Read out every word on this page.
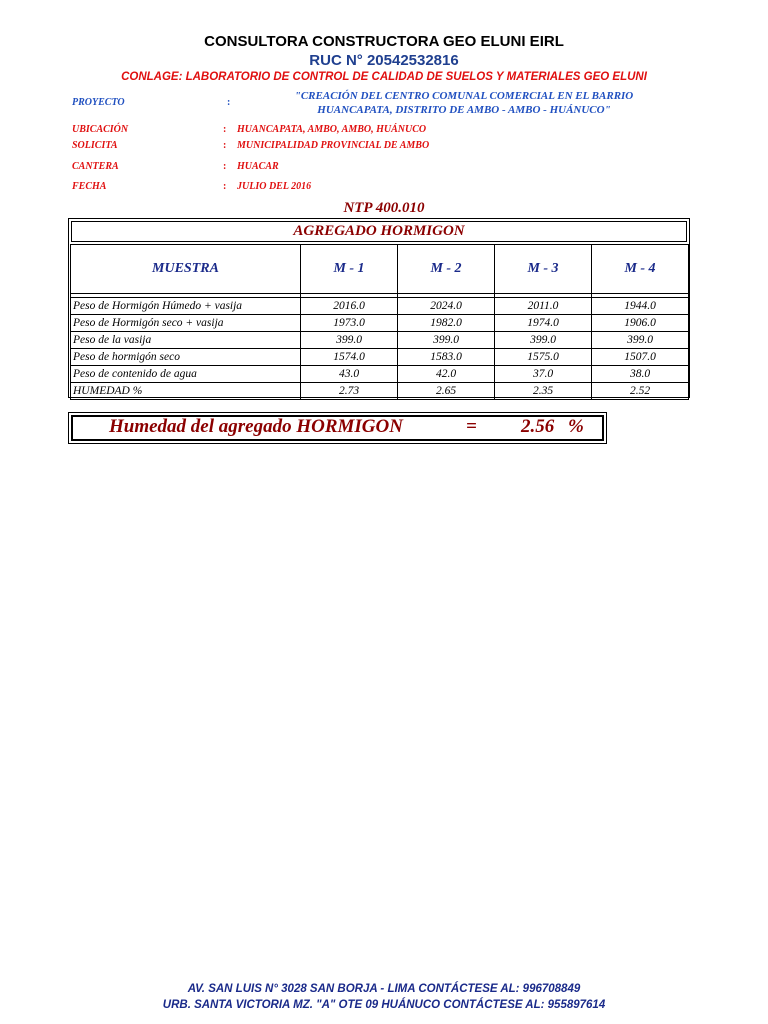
CONSULTORA CONSTRUCTORA GEO ELUNI EIRL
RUC N° 20542532816
CONLAGE: LABORATORIO DE CONTROL DE CALIDAD DE SUELOS Y MATERIALES GEO ELUNI
PROYECTO	:
"CREACIÓN DEL CENTRO COMUNAL COMERCIAL EN EL BARRIO
HUANCAPATA, DISTRITO DE AMBO - AMBO - HUÁNUCO"
UBICACIÓN	: HUANCAPATA, AMBO, AMBO, HUÁNUCO
SOLICITA	: MUNICIPALIDAD PROVINCIAL DE AMBO
CANTERA	: HUACAR
FECHA	: JULIO DEL 2016
NTP 400.010
AGREGADO HORMIGON
MUESTRA	M - 1	M - 2	M - 3	M - 4

Peso de Hormigón Húmedo + vasija	2016.0	2024.0	2011.0	1944.0
Peso de Hormigón seco + vasija	1973.0	1982.0	1974.0	1906.0
Peso de la vasija	399.0	399.0	399.0	399.0
Peso de hormigón seco	1574.0	1583.0	1575.0	1507.0
Peso de contenido de agua	43.0	42.0	37.0	38.0
HUMEDAD %	2.73	2.65	2.35	2.52
Humedad del agregado HORMIGON	= 2.56 %
AV. SAN LUIS N° 3028 SAN BORJA - LIMA CONTÁCTESE AL: 996708849
URB. SANTA VICTORIA MZ. "A" OTE 09 HUÁNUCO CONTÁCTESE AL: 955897614
